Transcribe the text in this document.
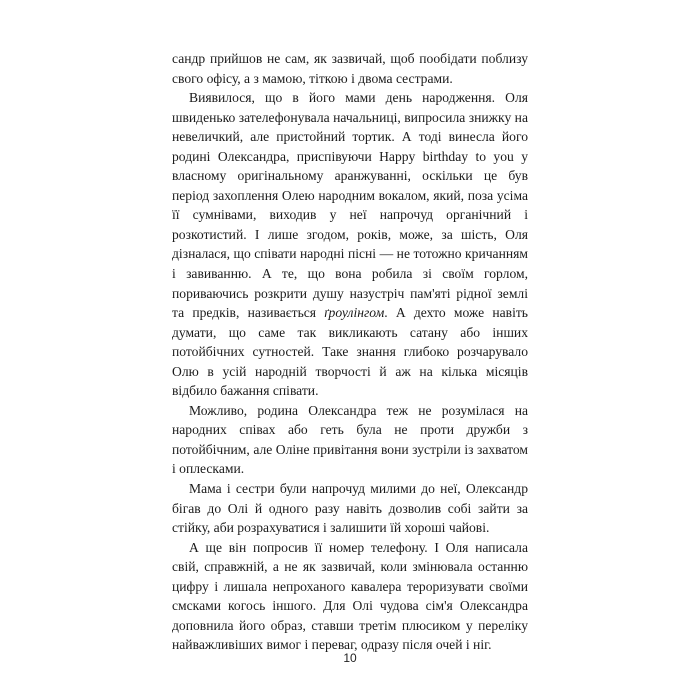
сандр прийшов не сам, як зазвичай, щоб пообідати поблизу свого офісу, а з мамою, тіткою і двома сестрами.

Виявилося, що в його мами день народження. Оля швиденько зателефонувала начальниці, випросила знижку на невеличкий, але пристойний тортик. А тоді винесла його родині Олександра, приспівуючи Happy birthday to you у власному оригінальному аранжуванні, оскільки це був період захоплення Олею народним вокалом, який, поза усіма її сумнівами, виходив у неї напрочуд органічний і розкотистий. І лише згодом, років, може, за шість, Оля дізналася, що співати народні пісні — не тотожно кричанням і завиванню. А те, що вона робила зі своїм горлом, пориваючись розкрити душу назустріч пам'яті рідної землі та предків, називається ґроулінгом. А дехто може навіть думати, що саме так викликають сатану або інших потойбічних сутностей. Таке знання глибоко розчарувало Олю в усій народній творчості й аж на кілька місяців відбило бажання співати.

Можливо, родина Олександра теж не розумілася на народних співах або геть була не проти дружби з потойбічним, але Оліне привітання вони зустріли із захватом і оплесками.

Мама і сестри були напрочуд милими до неї, Олександр бігав до Олі й одного разу навіть дозволив собі зайти за стійку, аби розрахуватися і залишити їй хороші чайові.

А ще він попросив її номер телефону. І Оля написала свій, справжній, а не як зазвичай, коли змінювала останню цифру і лишала непроханого кавалера тероризувати своїми смсками когось іншого. Для Олі чудова сім'я Олександра доповнила його образ, ставши третім плюсиком у переліку найважливіших вимог і переваг, одразу після очей і ніг.

10
